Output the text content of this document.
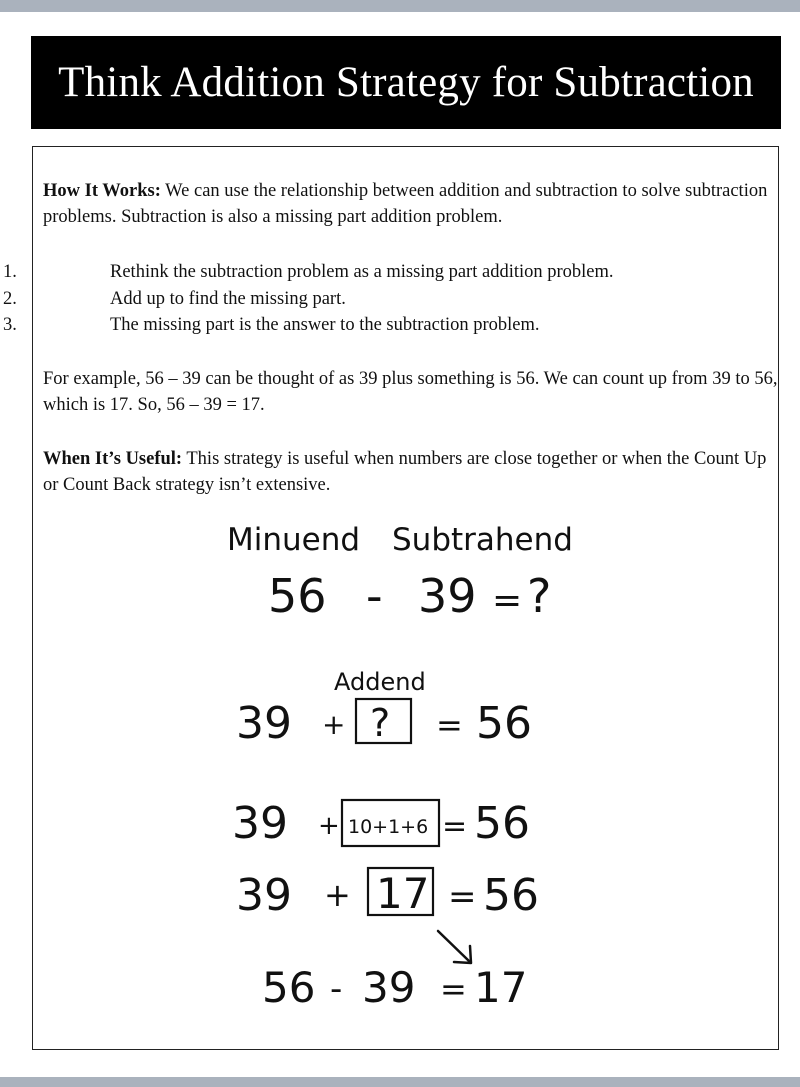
Think Addition Strategy for Subtraction
How It Works: We can use the relationship between addition and subtraction to solve subtraction problems. Subtraction is also a missing part addition problem.
1.	Rethink the subtraction problem as a missing part addition problem.
2.	Add up to find the missing part.
3.	The missing part is the answer to the subtraction problem.
For example, 56 – 39 can be thought of as 39 plus something is 56. We can count up from 39 to 56, which is 17. So, 56 – 39 = 17.
When It’s Useful: This strategy is useful when numbers are close together or when the Count Up or Count Back strategy isn’t extensive.
Minuend Subtrahend
56 - 39 = ?
Addend
39 + ? = 56
39 + 10+1+6 = 56
39 + 17 = 56
56 - 39 = 17
